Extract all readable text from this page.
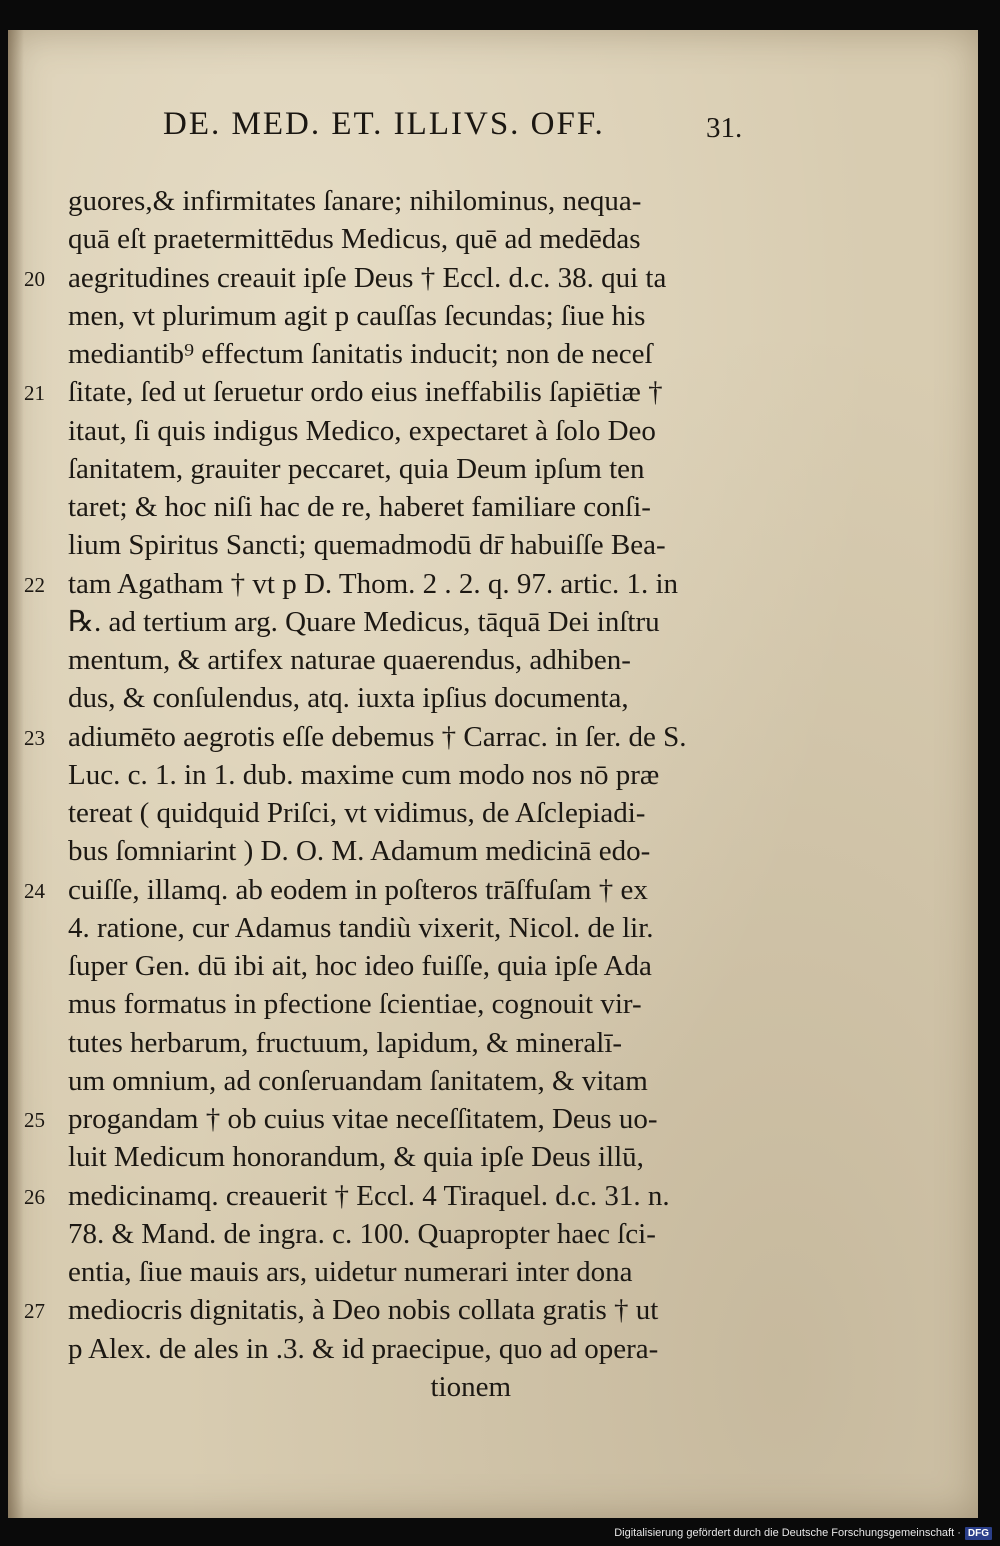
DE. MED. ET. ILLIVS. OFF.	31.
guores,& infirmitates ſanare; nihilominus, nequa-
quā eſt praetermittēdus Medicus, quē ad medēdas
20 aegritudines creauit ipſe Deus † Eccl. d.c. 38. qui ta
men, vt plurimum agit p cauſſas ſecundas; ſiue his
mediantib⁹ effectum ſanitatis inducit; non de neceſ
21 ſitate, ſed ut ſeruetur ordo eius ineffabilis ſapiētiæ †
itaut, ſi quis indigus Medico, expectaret à ſolo Deo
ſanitatem, grauiter peccaret, quia Deum ipſum ten
taret; & hoc niſi hac de re, haberet familiare conſi-
lium Spiritus Sancti; quemadmodū dr̄ habuiſſe Bea-
22 tam Agatham † vt p D. Thom. 2 . 2. q. 97. artic. 1. in
℞. ad tertium arg. Quare Medicus, tāquā Dei inſtru
mentum, & artifex naturae quaerendus, adhiben-
dus, & conſulendus, atq. iuxta ipſius documenta,
23 adiumēto aegrotis eſſe debemus † Carrac. in ſer. de S.
Luc. c. 1. in 1. dub. maxime cum modo nos nō præ
tereat ( quidquid Priſci, vt vidimus, de Aſclepiadi-
bus ſomniarint ) D. O. M. Adamum medicinā edo-
24 cuiſſe, illamq. ab eodem in poſteros trāſfuſam † ex
4. ratione, cur Adamus tandiù vixerit, Nicol. de lir.
ſuper Gen. dū ibi ait, hoc ideo fuiſſe, quia ipſe Ada
mus formatus in pfectione ſcientiae, cognouit vir-
tutes herbarum, fructuum, lapidum, & mineralī-
um omnium, ad conſeruandam ſanitatem, & vitam
25 progandam † ob cuius vitae neceſſitatem, Deus uo-
luit Medicum honorandum, & quia ipſe Deus illū,
26 medicinamq. creauerit † Eccl. 4 Tiraquel. d.c. 31. n.
78. & Mand. de ingra. c. 100. Quapropter haec ſci-
entia, ſiue mauis ars, uidetur numerari inter dona
27 mediocris dignitatis, à Deo nobis collata gratis † ut
p Alex. de ales in .3. & id praecipue, quo ad opera-
tionem
Digitalisierung gefördert durch die Deutsche Forschungsgemeinschaft · DFG
